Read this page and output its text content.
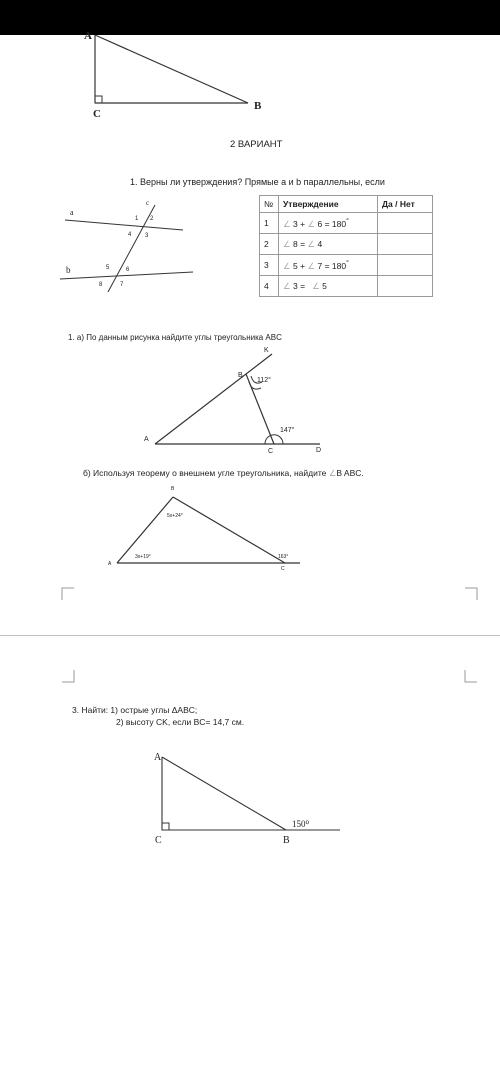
A
B
C
2 ВАРИАНТ
1. Верны ли утверждения? Прямые a и b параллельны, если
a
b
c
1 2
3
4
5	6
7
8
№	Утверждение	Да / Нет
1	∠ 3 + ∠ 6 = 180°	
2	∠ 8 = ∠ 4	
3	∠ 5 + ∠ 7 = 180°	
4	∠ 3 = ∠ 5	
1. а) По данным рисунка найдите углы треугольника ABC
K
B
A
C	D
112°
147°
б) Используя теорему о внешнем угле треугольника, найдите ∠B ABC.
B
A
C
5x+24°
3x+19°	163°
3. Найти: 1) острые углы ΔABC;
2) высоту CK, если BC= 14,7 см.
A
C	B
150⁰
